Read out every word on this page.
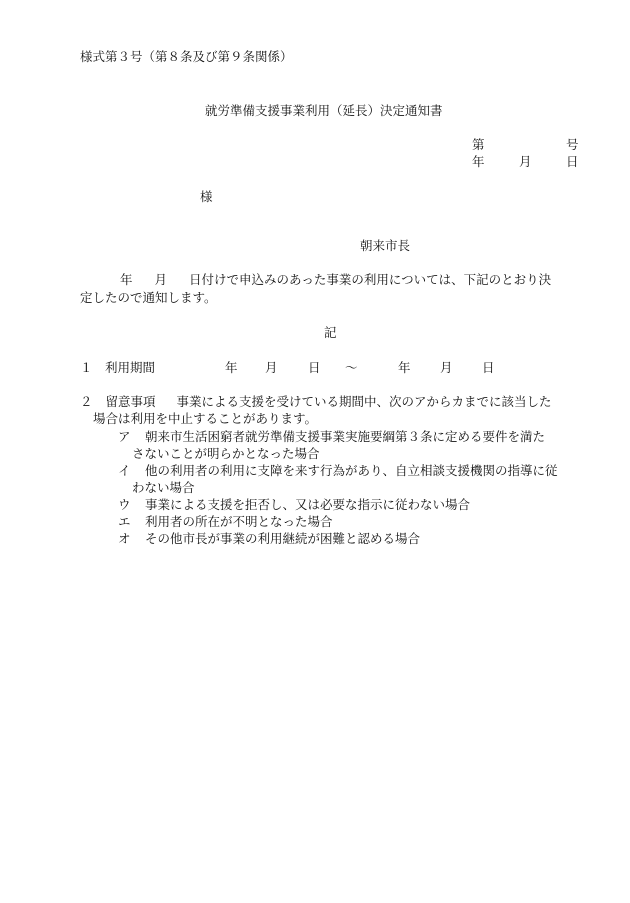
様式第３号（第８条及び第９条関係）
就労準備支援事業利用（延長）決定通知書
第	号
年	月	日
様
朝来市長
年 月 日付けで申込みのあった事業の利用については、下記のとおり決
定したので通知します。
記
１ 利用期間	年 月 日 ～	年 月 日
２ 留意事項 事業による支援を受けている期間中、次のアからカまでに該当した
場合は利用を中止することがあります。
ア 朝来市生活困窮者就労準備支援事業実施要綱第３条に定める要件を満た
さないことが明らかとなった場合
イ 他の利用者の利用に支障を来す行為があり、自立相談支援機関の指導に従
わない場合
ウ 事業による支援を拒否し、又は必要な指示に従わない場合
エ 利用者の所在が不明となった場合
オ その他市長が事業の利用継続が困難と認める場合
